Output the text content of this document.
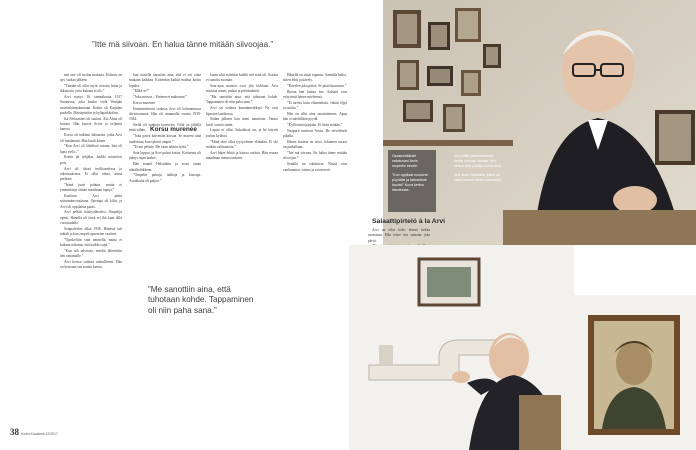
”Itte mä siivoan. En halua tänne mitään siivoojaa.”

nen one oli suolaa mukana. Kolmas on nyt, suolaa jälkeen.

”Tänään oli ollut myös siivottu lattia ja ikkunoita, joita kukaan ei ole.”

Arvi syntyi 16. tammikuuta 1917 Suomessa, joka kuului vielä Venäjän suuriruhtinaskuntaan. Kotiin oli Karjalan puolella. Metsäpirttiin ja kyläpaikkoihin.

Isä Aleksanteri oli suutari. Äiti Alma oli kotona. Hän kasvoi Arvin ja veljensä kanssa.

Korsu oli tutkinut ikkunoita, jotka Arvi oli maalannut. Hän kuuli äänen.

”Kun Arvi oli lähdössä sotaan, hän oli lapsi vielä...”

Kotiin jäi tyhjäksi, kaikki muuttivat pois.

Arvi oli töissä teollisuudessa ja rakennuksissa. Ei ollut rahaa, ainoa perheen.

”Isänä juuri puhuin, mutta ei ymmärtänyt tämän maailman tapoja.”

Kouluun Arvi pääsi seitsemänvuotiaana. Opettaja oli kiltti, ja Arvi oli oppilaista paras.

Arvi pelkisi käsityöläiseksi. Ompelija opetti. Hänellä oli tässä eri ikä kuin tällä vuosisadalla.

Sotapalvelus alkoi 1938. Hänestä tuli räätäli ja hän ompeli upseerien vaatteet.

”Opiskeltiin vain ommella, mutta ei kukaan uskonut, että kaikki sujui.”

”Kun tuli talvisota, meidät lähetettiin heti rintamalle.”

Arvi kertoo sodasta rauhallisesti. Hän on kertonut sen monta kertaa.

kun naiselle sanottiin aina, että ei voi ottaa mukaan kaikkea. Kuitenkin kaikki mahtui kotiin lopulta.

”Mikä se?”

”Joku miessa... Eteinen ei mahtunut.”

Korsu murenee

Ensimmäisessä sodassa Arvi oli kolmannessa divisioonassa. Hän oli rintamalla vuosia 1939-1944.

Siellä oli vanhoja kavereita. Niitä on jäljellä enää vähän.

”Joka päivä kaivettiin korsua. Se mureni aina uudestaan, kun tykistö ampui.”

”Ei me pelätty. Me vaan tehtiin työtä.”

Sota loppui, ja Arvi palasi kotiin. Kotiseutu oli jäänyt rajan taakse.

Hän muutti Helsinkiin ja avasi oman räätälinliikkeen.

”Ompelin pukuja, takkeja ja housuja. Asiakkaita oli paljon.”

kuten siltä esitettiin kaikki sitä mitä oli. Asioita ei sanottu suoraan.

Sota-ajan muistot ovat yhä kirkkaat. Arvi muistaa nimet, paikat ja päivämäärät.

”Me sanottiin aina, että tuhotaan kohde. Tappaminen oli niin paha sana.”

Arvi sai sodasta kunniamerkkejä. Ne ovat lipaston laatikossa.

Sodan jälkeen hän meni naimisiin. Vaimo kuoli vuosia sitten.

Lapsia ei ollut. Sukulaisia on, ja he käyvät joskus kylässä.

”Minä olen ollut tyytyväinen elämään. Ei ole mitään valittamista.”

Arvi lukee lehtiä ja katsoo uutisia. Hän seuraa maailman menoa tarkasti.

Hänellä on omat tapansa. Aamulla kahvi, sitten lehti ja kävely.

”Kävelen joka päivä. Se pitää kunnossa.”

Ruoan hän laittaa itse. Salaatit ovat erityisesti hänen mieleensä.

”Ei tarvita kuin vihanneksia, vähän öljyä ja suolaa.”

Hän on ollut aina omatoiminen. Apua hän ei mielellään pyydä.

”Kyllä minä pärjään. Ei tässä mitään.”

Naapurit tuntevat Arvin. He tervehtivät pihalla.

Hänen kotinsa on siisti. Jokainen tavara on paikallaan.

”Itte mä siivoan. En halua tänne mitään siivoojaa.”

Seinillä on valokuvia. Niissä ovat vanhemmat, vaimo ja sotatoverit.

Korsu murenee
”Me sanottiin aina, että tuhotaan kohde. Tappaminen oli niin paha sana.”
38 Kodin Kuvalehti 12/2017

Osastonlääkäri valokuvasi Arvin mopedin sinulle.

”Kun oppilaat nousivat pöydälle ja tarkastivat kaulat!” Kuva kertoo tilanteesta.

Arvi pitää yksintietoisesti, mutta vanhaa Vantaa. Arvi kertoo että pihalla muisti aina.

Arvi asuu Vantaalla, jossa on kaksi kissaa hänen kanssaan.

Salaattipirteló à la Arvi

Arvi on ollut koko ikänsä tarkka ruoastaan. Hän tekee itse salaatin joka päivä.
